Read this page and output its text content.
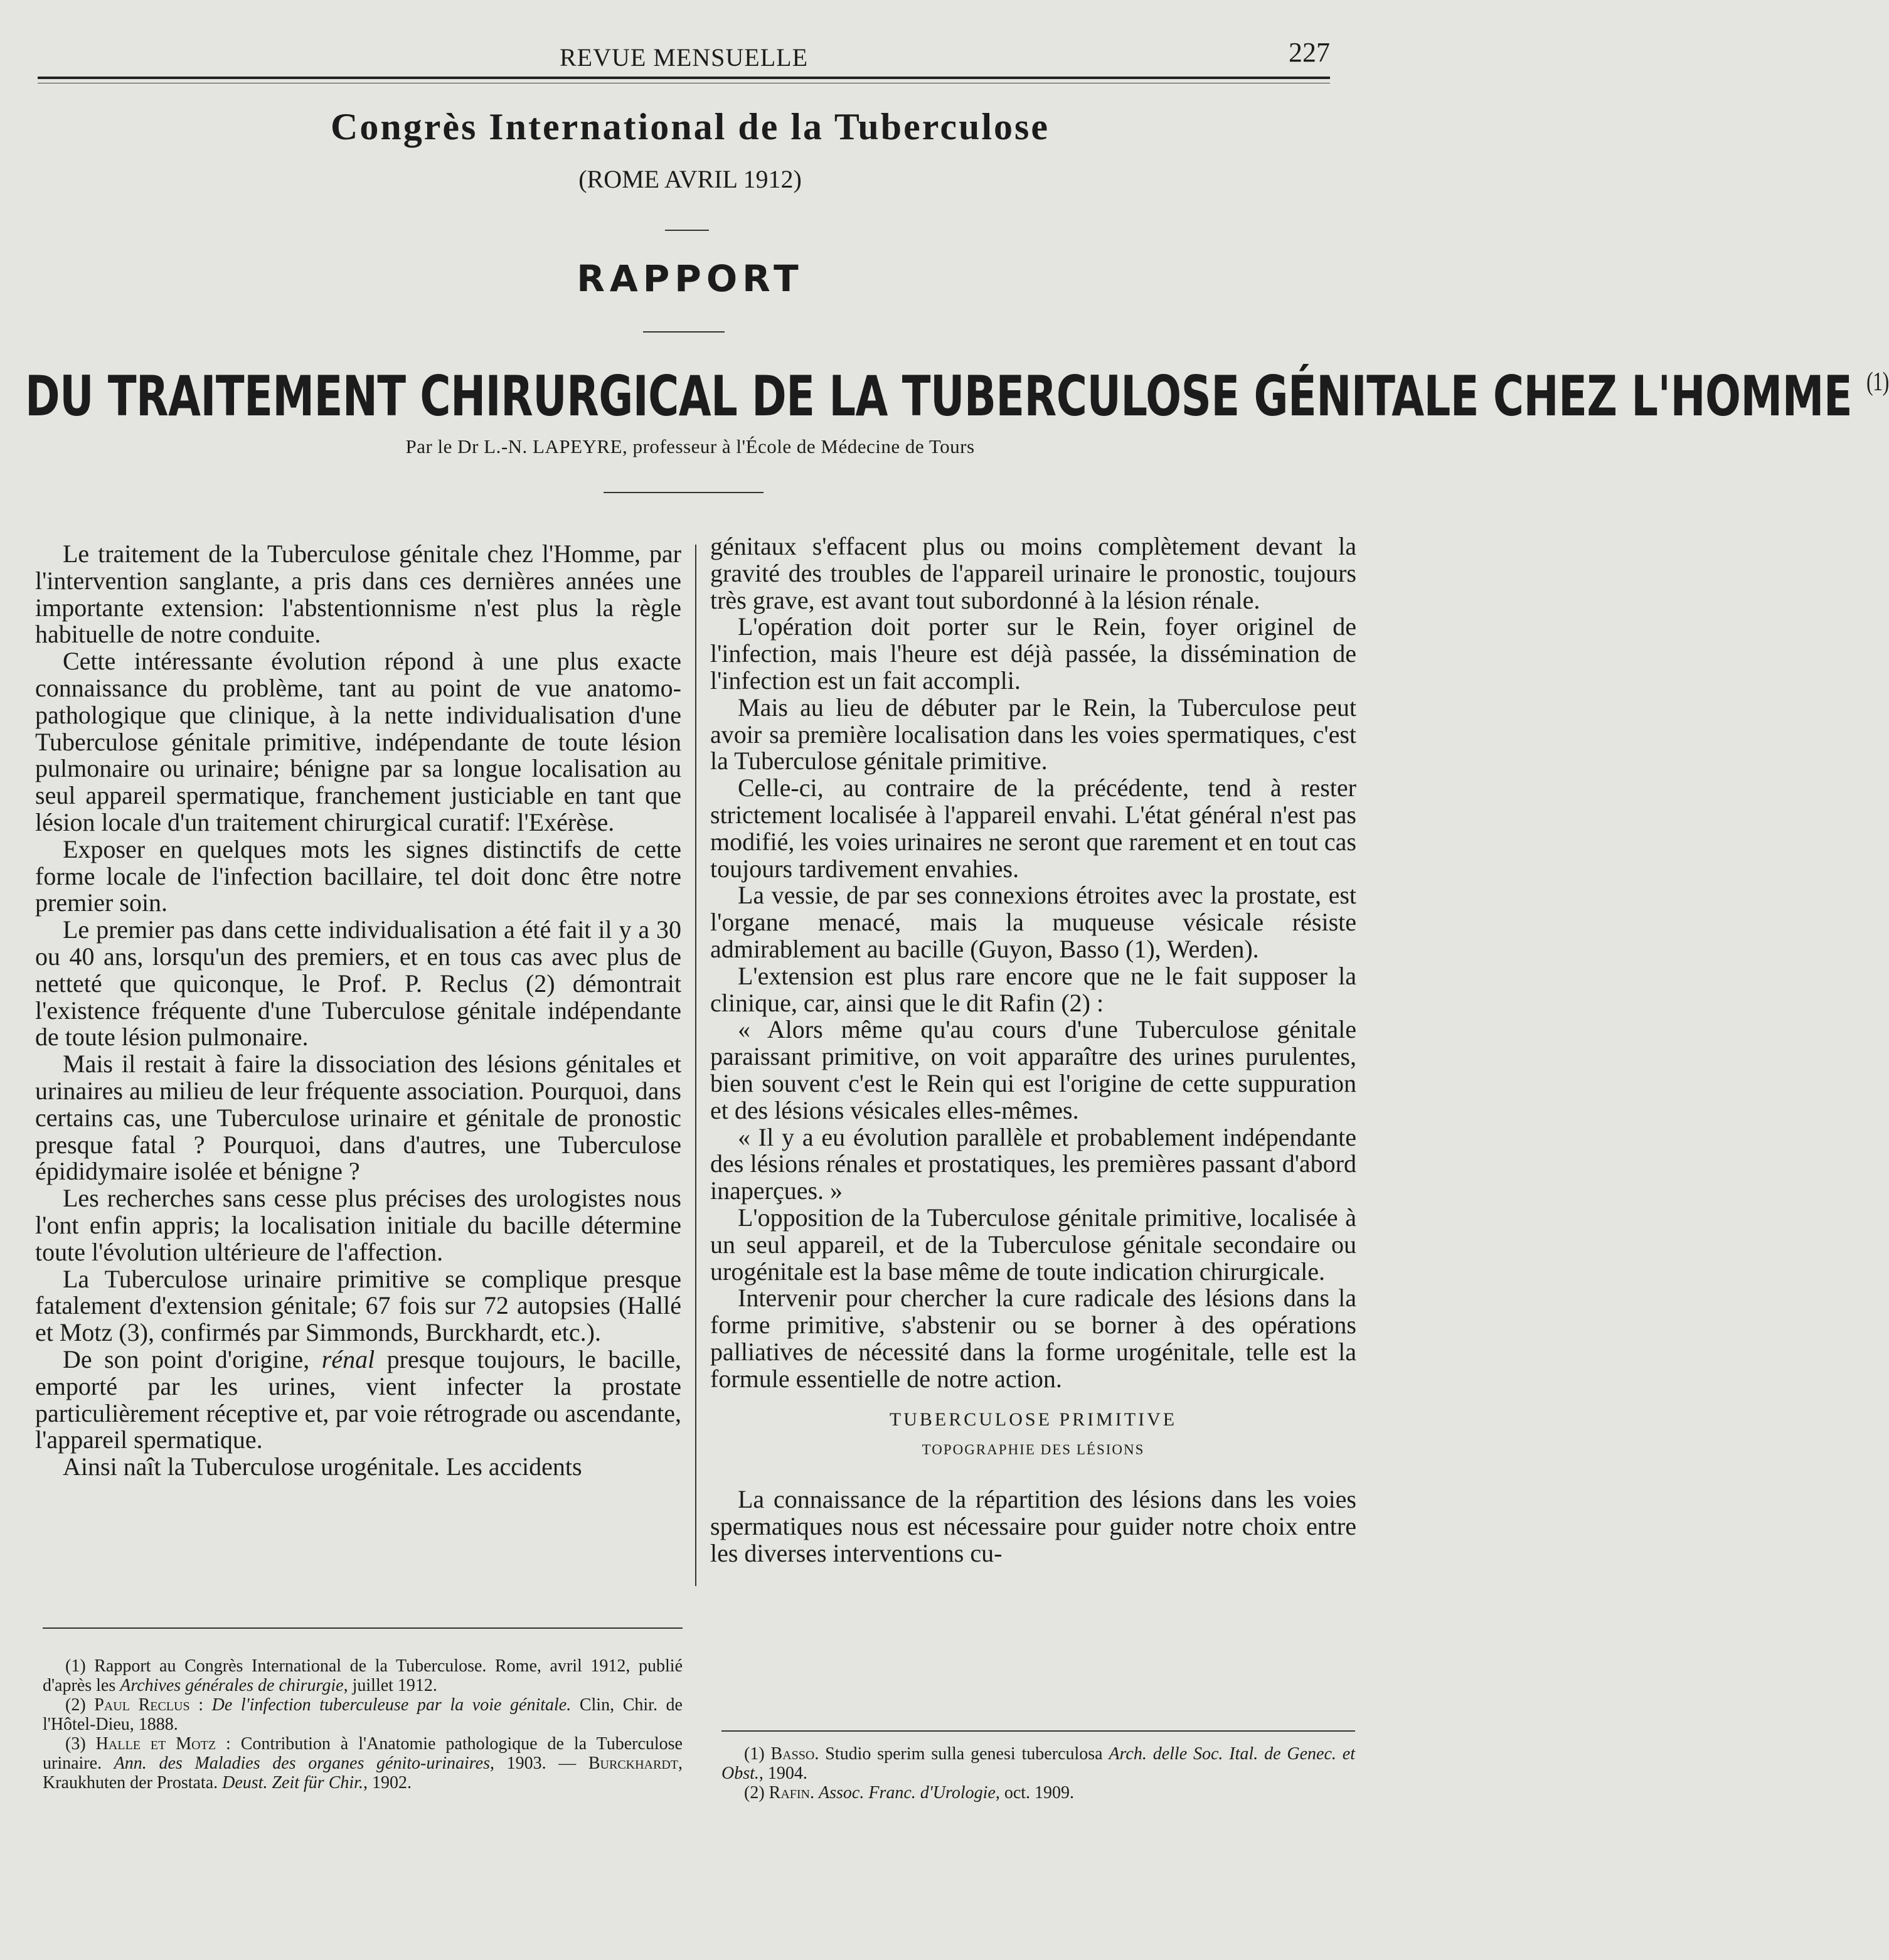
REVUE MENSUELLE	227
Congrès International de la Tuberculose
(ROME AVRIL 1912)
RAPPORT
DU TRAITEMENT CHIRURGICAL DE LA TUBERCULOSE GÉNITALE CHEZ L'HOMME $^{(1)}$
Par le Dr L.-N. LAPEYRE, professeur à l'École de Médecine de Tours

Le traitement de la Tuberculose génitale chez l'Homme, par l'intervention sanglante, a pris dans ces dernières années une importante extension: l'abstentionnisme n'est plus la règle habituelle de notre conduite.

Cette intéressante évolution répond à une plus exacte connaissance du problème, tant au point de vue anatomo-pathologique que clinique, à la nette individualisation d'une Tuberculose génitale primitive, indépendante de toute lésion pulmonaire ou urinaire; bénigne par sa longue localisation au seul appareil spermatique, franchement justiciable en tant que lésion locale d'un traitement chirurgical curatif: l'Exérèse.

Exposer en quelques mots les signes distinctifs de cette forme locale de l'infection bacillaire, tel doit donc être notre premier soin.

Le premier pas dans cette individualisation a été fait il y a 30 ou 40 ans, lorsqu'un des premiers, et en tous cas avec plus de netteté que quiconque, le Prof. P. Reclus (2) démontrait l'existence fréquente d'une Tuberculose génitale indépendante de toute lésion pulmonaire.

Mais il restait à faire la dissociation des lésions génitales et urinaires au milieu de leur fréquente association. Pourquoi, dans certains cas, une Tuberculose urinaire et génitale de pronostic presque fatal ? Pourquoi, dans d'autres, une Tuberculose épididymaire isolée et bénigne ?

Les recherches sans cesse plus précises des urologistes nous l'ont enfin appris; la localisation initiale du bacille détermine toute l'évolution ultérieure de l'affection.

La Tuberculose urinaire primitive se complique presque fatalement d'extension génitale; 67 fois sur 72 autopsies (Hallé et Motz (3), confirmés par Simmonds, Burckhardt, etc.).

De son point d'origine, rénal presque toujours, le bacille, emporté par les urines, vient infecter la prostate particulièrement réceptive et, par voie rétrograde ou ascendante, l'appareil spermatique.

Ainsi naît la Tuberculose urogénitale. Les accidents

génitaux s'effacent plus ou moins complètement devant la gravité des troubles de l'appareil urinaire le pronostic, toujours très grave, est avant tout subordonné à la lésion rénale.

L'opération doit porter sur le Rein, foyer originel de l'infection, mais l'heure est déjà passée, la dissémination de l'infection est un fait accompli.

Mais au lieu de débuter par le Rein, la Tuberculose peut avoir sa première localisation dans les voies spermatiques, c'est la Tuberculose génitale primitive.

Celle-ci, au contraire de la précédente, tend à rester strictement localisée à l'appareil envahi. L'état général n'est pas modifié, les voies urinaires ne seront que rarement et en tout cas toujours tardivement envahies.

La vessie, de par ses connexions étroites avec la prostate, est l'organe menacé, mais la muqueuse vésicale résiste admirablement au bacille (Guyon, Basso (1), Werden).

L'extension est plus rare encore que ne le fait supposer la clinique, car, ainsi que le dit Rafin (2) :

« Alors même qu'au cours d'une Tuberculose génitale paraissant primitive, on voit apparaître des urines purulentes, bien souvent c'est le Rein qui est l'origine de cette suppuration et des lésions vésicales elles-mêmes.

« Il y a eu évolution parallèle et probablement indépendante des lésions rénales et prostatiques, les premières passant d'abord inaperçues. »

L'opposition de la Tuberculose génitale primitive, localisée à un seul appareil, et de la Tuberculose génitale secondaire ou urogénitale est la base même de toute indication chirurgicale.

Intervenir pour chercher la cure radicale des lésions dans la forme primitive, s'abstenir ou se borner à des opérations palliatives de nécessité dans la forme urogénitale, telle est la formule essentielle de notre action.

TUBERCULOSE PRIMITIVE
TOPOGRAPHIE DES LÉSIONS

La connaissance de la répartition des lésions dans les voies spermatiques nous est nécessaire pour guider notre choix entre les diverses interventions cu-

(1) Rapport au Congrès International de la Tuberculose. Rome, avril 1912, publié d'après les Archives générales de chirurgie, juillet 1912.

(2) Paul Reclus : De l'infection tuberculeuse par la voie génitale. Clin, Chir. de l'Hôtel-Dieu, 1888.

(3) Halle et Motz : Contribution à l'Anatomie pathologique de la Tuberculose urinaire. Ann. des Maladies des organes génito-urinaires, 1903. — Burckhardt, Kraukhuten der Prostata. Deust. Zeit für Chir., 1902.

(1) Basso. Studio sperim sulla genesi tuberculosa Arch. delle Soc. Ital. de Genec. et Obst., 1904.

(2) Rafin. Assoc. Franc. d'Urologie, oct. 1909.
